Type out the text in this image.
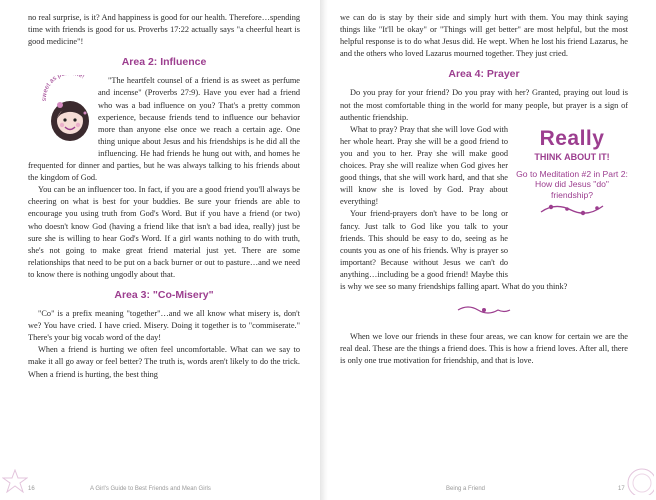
no real surprise, is it? And happiness is good for our health. Therefore…spending time with friends is good for us. Proverbs 17:22 actually says "a cheerful heart is good medicine"!

Area 2: Influence

sweet as p e!	"The heartfelt counsel of a friend is as sweet as perfume and incense" (Proverbs 27:9). Have you ever had a friend who was a bad influence on you? That's a pretty common experience, because friends tend to influence our behavior more than anyone else once we reach a certain age. One thing unique about Jesus and his friendships is he did all the influencing. He had friends he hung out with, and homes he frequented for dinner and parties, but he was always talking to his friends about the kingdom of God.

You can be an influencer too. In fact, if you are a good friend you'll always be cheering on what is best for your buddies. Be sure your friends are able to encourage you using truth from God's Word. But if you have a friend (or two) who doesn't know God (having a friend like that isn't a bad idea, really) just be sure she is willing to hear God's Word. If a girl wants nothing to do with truth, she's not going to make great friend material just yet. There are some relationships that need to be put on a back burner or out to pasture…and we need to know there is nothing ungodly about that.

Area 3: "Co-Misery"

"Co" is a prefix meaning "together"…and we all know what misery is, don't we? You have cried. I have cried. Misery. Doing it together is to "commiserate." There's your big vocab word of the day!

When a friend is hurting we often feel uncomfortable. What can we say to make it all go away or feel better? The truth is, words aren't likely to do the trick. When a friend is hurting, the best thing

16	A Girl's Guide to Best Friends and Mean Girls

we can do is stay by their side and simply hurt with them. You may think saying things like "It'll be okay" or "Things will get better" are most helpful, but the most helpful response is to do what Jesus did. He wept. When he lost his friend Lazarus, he and the others who loved Lazarus mourned together. They just cried.

Area 4: Prayer

Do you pray for your friend? Do you pray with her? Granted, praying out loud is not the most comfortable thing in the world for many people, but prayer is a sign of authentic friendship.

Really
THINK ABOUT IT!
Go to Meditation #2 in Part 2: How did Jesus "do" friendship?

What to pray? Pray that she will love God with her whole heart. Pray she will be a good friend to you and you to her. Pray she will make good choices. Pray she will realize when God gives her good things, that she will work hard, and that she will know she is loved by God. Pray about everything!

Your friend-prayers don't have to be long or fancy. Just talk to God like you talk to your friends. This should be easy to do, seeing as he counts you as one of his friends. Why is prayer so important? Because without Jesus we can't do anything…including be a good friend! Maybe this is why we see so many friendships falling apart. What do you think?

When we love our friends in these four areas, we can know for certain we are the real deal. These are the things a friend does. This is how a friend loves. After all, there is only one true motivation for friendship, and that is love.

Being a Friend	17
